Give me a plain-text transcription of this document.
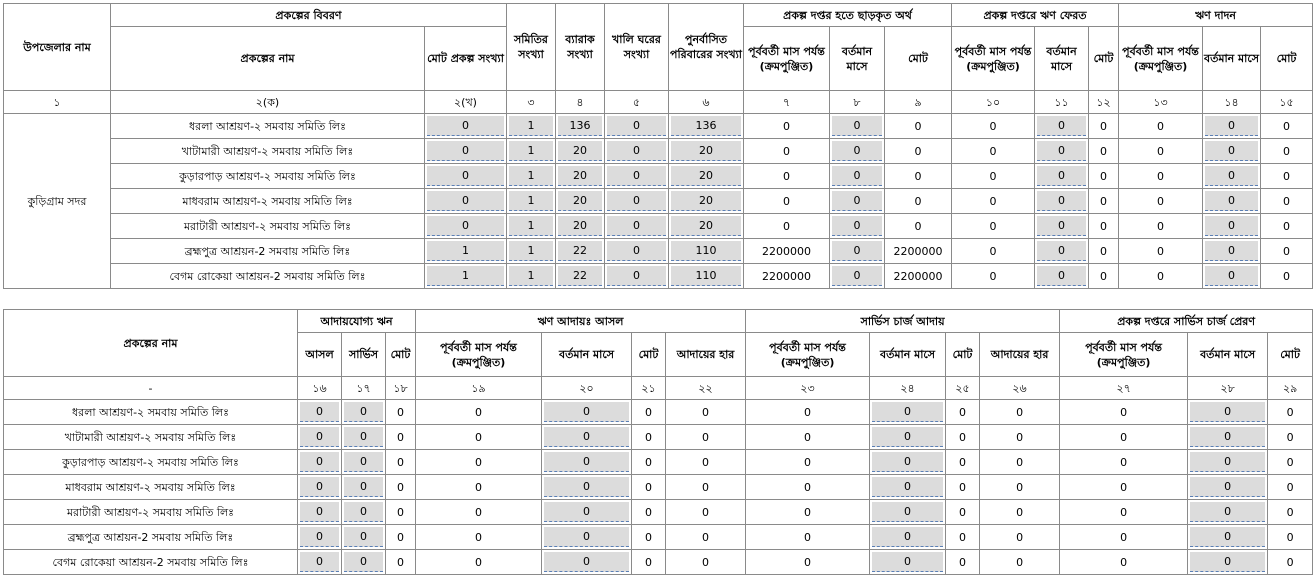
উপজেলার নাম	প্রকল্পের বিবরণ		সমিতির সংখ্যা	ব্যারাক সংখ্যা	খালি ঘরের সংখ্যা	পুনর্বাসিত পরিবারের সংখ্যা	প্রকল্প দপ্তর হতে ছাড়কৃত অর্থ			প্রকল্প দপ্তরে ঋণ ফেরত			ঋণ দাদন		
	প্রকল্পের নাম	মোট প্রকল্প সংখ্যা					পূর্ববর্তী মাস পর্যন্ত (ক্রমপুঞ্জিত)	বর্তমান মাসে	মোট	পূর্ববর্তী মাস পর্যন্ত (ক্রমপুঞ্জিত)	বর্তমান মাসে	মোট	পূর্ববর্তী মাস পর্যন্ত (ক্রমপুঞ্জিত)	বর্তমান মাসে	মোট
১	২(ক)	২(খ)	৩	৪	৫	৬	৭	৮	৯	১০	১১	১২	১৩	১৪	১৫
কুড়িগ্রাম সদর	ধরলা আশ্রয়ণ-২ সমবায় সমিতি লিঃ	0	1	136	0	136	0	0	0	0	0	0	0	0	0
	খাটামারী আশ্রয়ণ-২ সমবায় সমিতি লিঃ	0	1	20	0	20	0	0	0	0	0	0	0	0	0
	কুড়ারপাড় আশ্রয়ণ-২ সমবায় সমিতি লিঃ	0	1	20	0	20	0	0	0	0	0	0	0	0	0
	মাধবরাম আশ্রয়ণ-২ সমবায় সমিতি লিঃ	0	1	20	0	20	0	0	0	0	0	0	0	0	0
	মরাটারী আশ্রয়ণ-২ সমবায় সমিতি লিঃ	0	1	20	0	20	0	0	0	0	0	0	0	0	0
	ব্রহ্মপুত্র আশ্রয়ন-2 সমবায় সমিতি লিঃ	1	1	22	0	110	2200000	0	2200000	0	0	0	0	0	0
	বেগম রোকেয়া আশ্রয়ন-2 সমবায় সমিতি লিঃ	1	1	22	0	110	2200000	0	2200000	0	0	0	0	0	0
প্রকল্পের নাম	আদায়যোগ্য ঋন			ঋণ আদায়ঃ আসল				সার্ভিস চার্জ আদায়				প্রকল্প দপ্তরে সার্ভিস চার্জ প্রেরণ		
	আসল	সার্ভিস	মোট	পূর্ববর্তী মাস পর্যন্ত (ক্রমপুঞ্জিত)	বর্তমান মাসে	মোট	আদায়ের হার	পূর্ববর্তী মাস পর্যন্ত (ক্রমপুঞ্জিত)	বর্তমান মাসে	মোট	আদায়ের হার	পূর্ববর্তী মাস পর্যন্ত (ক্রমপুঞ্জিত)	বর্তমান মাসে	মোট
-	১৬	১৭	১৮	১৯	২০	২১	২২	২৩	২৪	২৫	২৬	২৭	২৮	২৯
ধরলা আশ্রয়ণ-২ সমবায় সমিতি লিঃ	0	0	0	0	0	0	0	0	0	0	0	0	0	0
খাটামারী আশ্রয়ণ-২ সমবায় সমিতি লিঃ	0	0	0	0	0	0	0	0	0	0	0	0	0	0
কুড়ারপাড় আশ্রয়ণ-২ সমবায় সমিতি লিঃ	0	0	0	0	0	0	0	0	0	0	0	0	0	0
মাধবরাম আশ্রয়ণ-২ সমবায় সমিতি লিঃ	0	0	0	0	0	0	0	0	0	0	0	0	0	0
মরাটারী আশ্রয়ণ-২ সমবায় সমিতি লিঃ	0	0	0	0	0	0	0	0	0	0	0	0	0	0
ব্রহ্মপুত্র আশ্রয়ন-2 সমবায় সমিতি লিঃ	0	0	0	0	0	0	0	0	0	0	0	0	0	0
বেগম রোকেয়া আশ্রয়ন-2 সমবায় সমিতি লিঃ	0	0	0	0	0	0	0	0	0	0	0	0	0	0
